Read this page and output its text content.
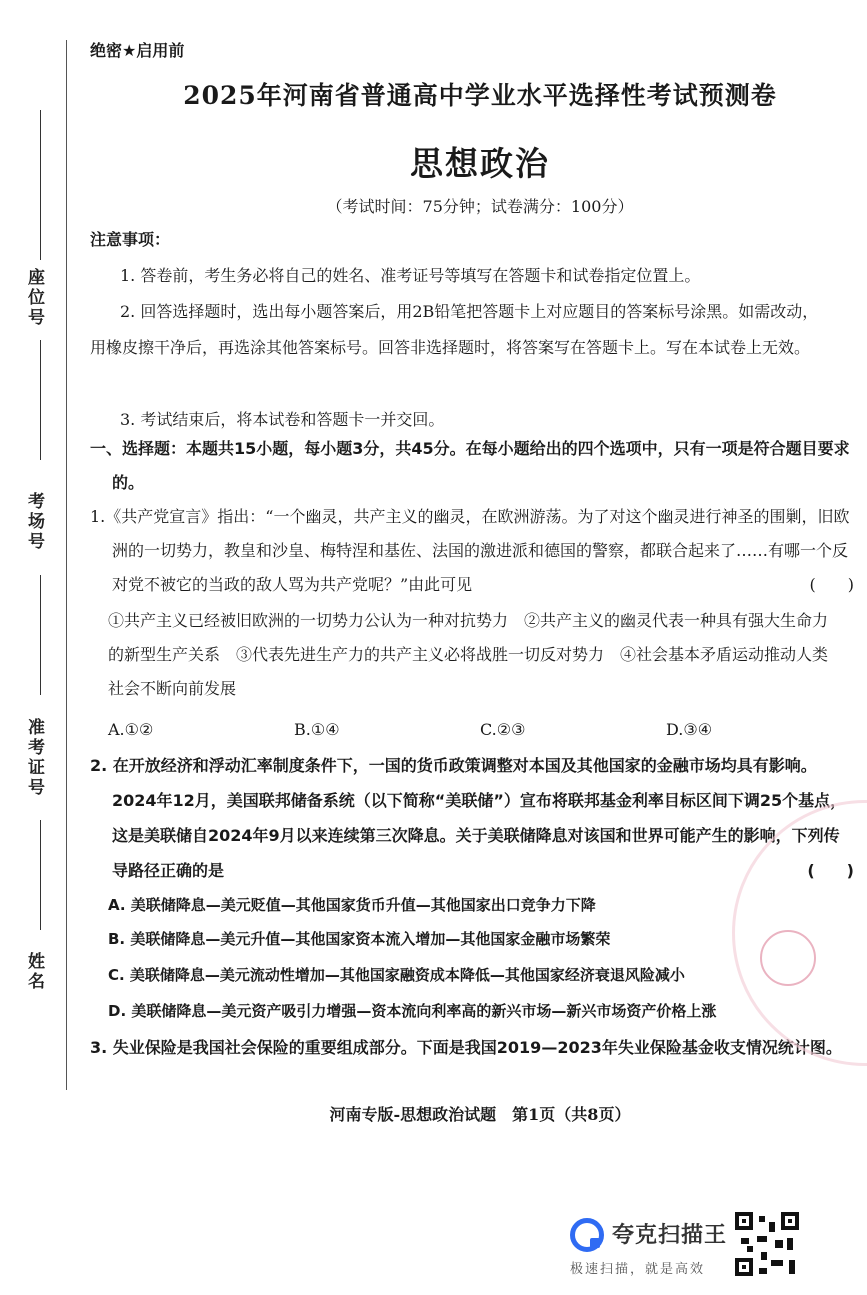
座位号
考场号
准考证号
姓名
绝密★启用前
2025年河南省普通高中学业水平选择性考试预测卷
思想政治
（考试时间：75分钟；试卷满分：100分）

注意事项：

1. 答卷前，考生务必将自己的姓名、准考证号等填写在答题卡和试卷指定位置上。

2. 回答选择题时，选出每小题答案后，用2B铅笔把答题卡上对应题目的答案标号涂黑。如需改动，用橡皮擦干净后，再选涂其他答案标号。回答非选择题时，将答案写在答题卡上。写在本试卷上无效。

3. 考试结束后，将本试卷和答题卡一并交回。

一、选择题：本题共15小题，每小题3分，共45分。在每小题给出的四个选项中，只有一项是符合题目要求的。

1.《共产党宣言》指出：“一个幽灵，共产主义的幽灵，在欧洲游荡。为了对这个幽灵进行神圣的围剿，旧欧洲的一切势力，教皇和沙皇、梅特涅和基佐、法国的激进派和德国的警察，都联合起来了……有哪一个反对党不被它的当政的敌人骂为共产党呢？”由此可见	(　　)

①共产主义已经被旧欧洲的一切势力公认为一种对抗势力　②共产主义的幽灵代表一种具有强大生命力的新型生产关系　③代表先进生产力的共产主义必将战胜一切反对势力　④社会基本矛盾运动推动人类社会不断向前发展

A.①②	B.①④	C.②③	D.③④

2. 在开放经济和浮动汇率制度条件下，一国的货币政策调整对本国及其他国家的金融市场均具有影响。2024年12月，美国联邦储备系统（以下简称“美联储”）宣布将联邦基金利率目标区间下调25个基点，这是美联储自2024年9月以来连续第三次降息。关于美联储降息对该国和世界可能产生的影响，下列传导路径正确的是	(　　)

A. 美联储降息—美元贬值—其他国家货币升值—其他国家出口竞争力下降

B. 美联储降息—美元升值—其他国家资本流入增加—其他国家金融市场繁荣

C. 美联储降息—美元流动性增加—其他国家融资成本降低—其他国家经济衰退风险减小

D. 美联储降息—美元资产吸引力增强—资本流向利率高的新兴市场—新兴市场资产价格上涨

3. 失业保险是我国社会保险的重要组成部分。下面是我国2019—2023年失业保险基金收支情况统计图。

河南专版-思想政治试题　第1页（共8页）
夸克扫描王
极速扫描，就是高效
